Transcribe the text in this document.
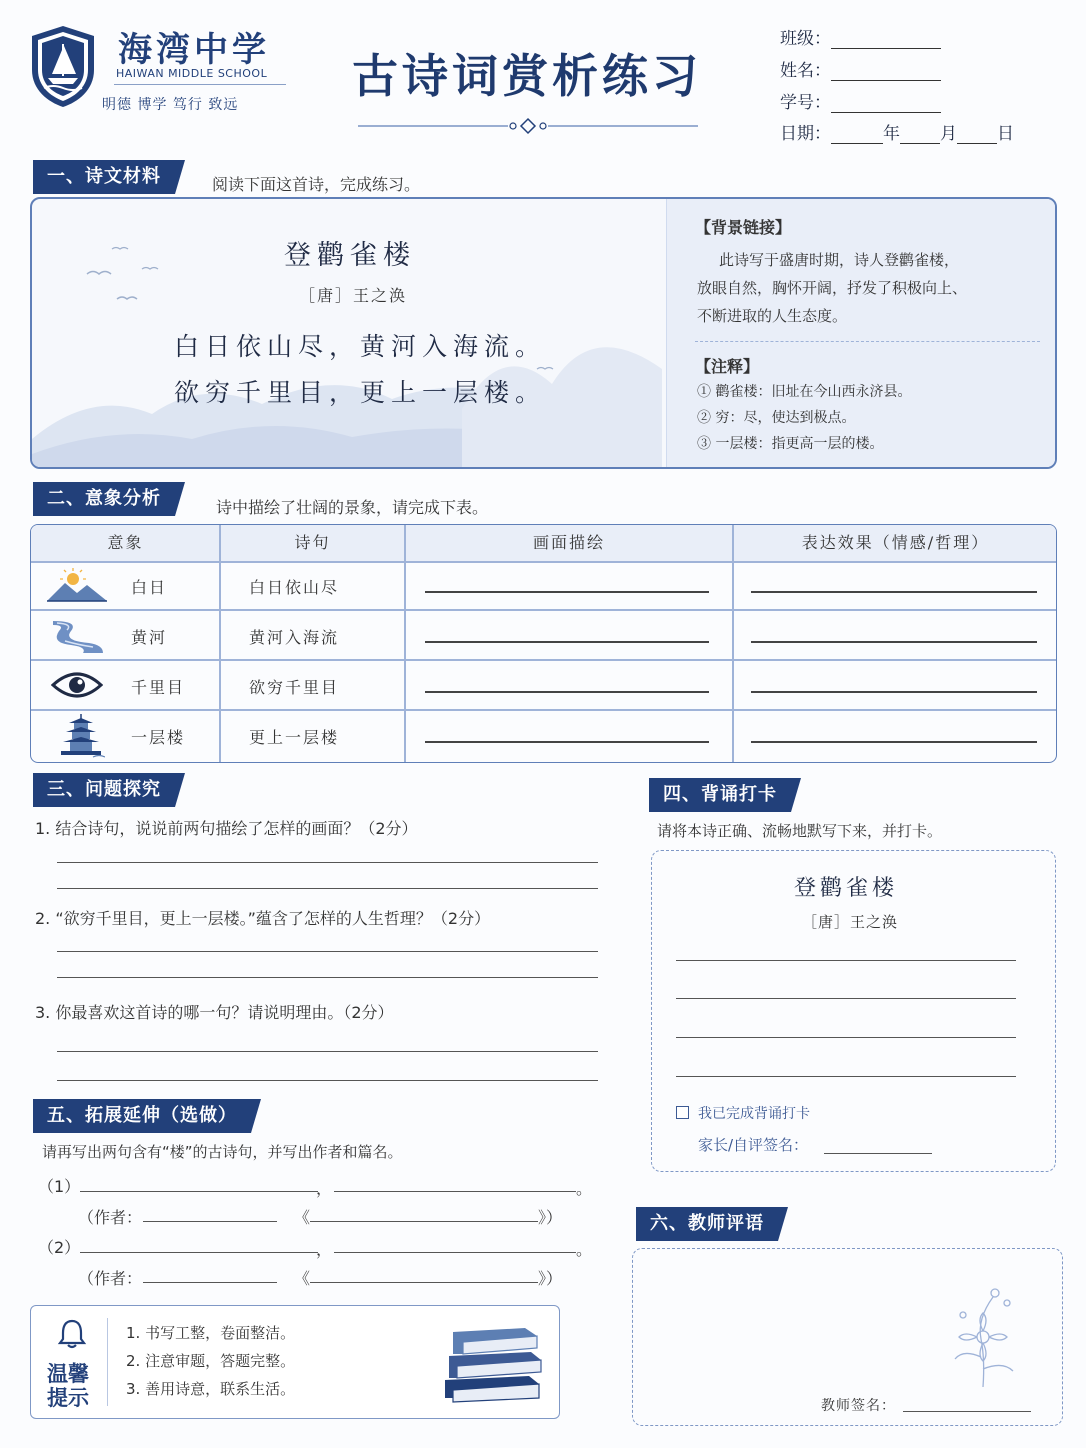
海湾中学
HAIWAN MIDDLE SCHOOL
明德 博学 笃行 致远
古诗词赏析练习
班级：
姓名：
学号：
日期：	年 月 日
一、诗文材料	阅读下面这首诗，完成练习。
登鹳雀楼
［唐］王之涣
白日依山尽，黄河入海流。
欲穷千里目，更上一层楼。
【背景链接】
此诗写于盛唐时期，诗人登鹳雀楼，
放眼自然，胸怀开阔，抒发了积极向上、
不断进取的人生态度。
【注释】
① 鹳雀楼：旧址在今山西永济县。
② 穷：尽，使达到极点。
③ 一层楼：指更高一层的楼。
二、意象分析	诗中描绘了壮阔的景象，请完成下表。
意象	诗句	画面描绘	表达效果（情感/哲理）
白日	白日依山尽
黄河	黄河入海流
千里目	欲穷千里目
一层楼	更上一层楼
三、问题探究
1. 结合诗句，说说前两句描绘了怎样的画面？（2分）
2. “欲穷千里目，更上一层楼。”蕴含了怎样的人生哲理？（2分）
3. 你最喜欢这首诗的哪一句？请说明理由。（2分）
四、背诵打卡
请将本诗正确、流畅地默写下来，并打卡。
登鹳雀楼
［唐］王之涣
我已完成背诵打卡
家长/自评签名：
五、拓展延伸（选做）
请再写出两句含有“楼”的古诗句，并写出作者和篇名。
（1）	，	。
（作者：	《	》）
（2）	，	。
（作者：	《	》）
温馨
提示
1. 书写工整，卷面整洁。
2. 注意审题，答题完整。
3. 善用诗意，联系生活。
六、教师评语
教师签名：
